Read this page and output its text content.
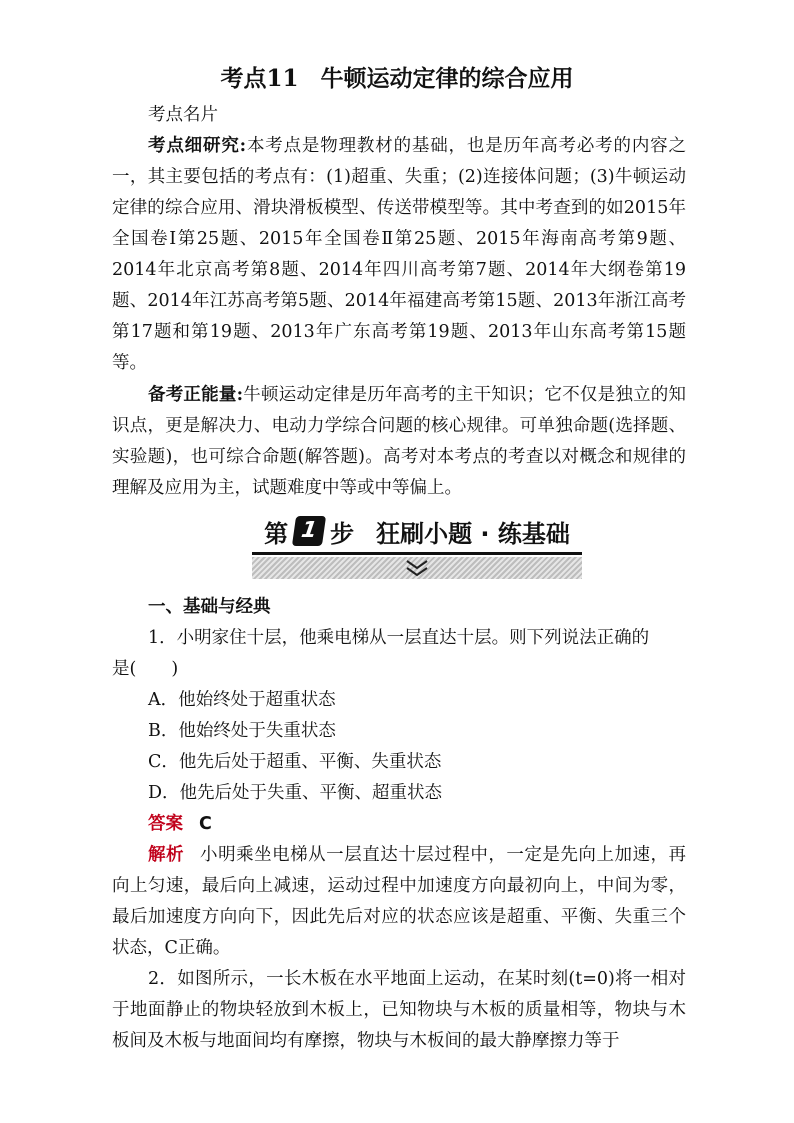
考点11 牛顿运动定律的综合应用
考点名片
考点细研究:本考点是物理教材的基础，也是历年高考必考的内容之一，其主要包括的考点有：(1)超重、失重；(2)连接体问题；(3)牛顿运动定律的综合应用、滑块滑板模型、传送带模型等。其中考查到的如2015年全国卷Ⅰ第25题、2015年全国卷Ⅱ第25题、2015年海南高考第9题、2014年北京高考第8题、2014年四川高考第7题、2014年大纲卷第19题、2014年江苏高考第5题、2014年福建高考第15题、2013年浙江高考第17题和第19题、2013年广东高考第19题、2013年山东高考第15题等。
备考正能量:牛顿运动定律是历年高考的主干知识；它不仅是独立的知识点，更是解决力、电动力学综合问题的核心规律。可单独命题(选择题、实验题)，也可综合命题(解答题)。高考对本考点的考查以对概念和规律的理解及应用为主，试题难度中等或中等偏上。
第 1 步 狂刷小题 · 练基础
一、基础与经典
1．小明家住十层，他乘电梯从一层直达十层。则下列说法正确的
是(　　)
A．他始终处于超重状态
B．他始终处于失重状态
C．他先后处于超重、平衡、失重状态
D．他先后处于失重、平衡、超重状态
答案 C
解析 小明乘坐电梯从一层直达十层过程中，一定是先向上加速，再向上匀速，最后向上减速，运动过程中加速度方向最初向上，中间为零，最后加速度方向向下，因此先后对应的状态应该是超重、平衡、失重三个状态，C正确。
2．如图所示，一长木板在水平地面上运动，在某时刻(t=0)将一相对于地面静止的物块轻放到木板上，已知物块与木板的质量相等，物块与木板间及木板与地面间均有摩擦，物块与木板间的最大静摩擦力等于
